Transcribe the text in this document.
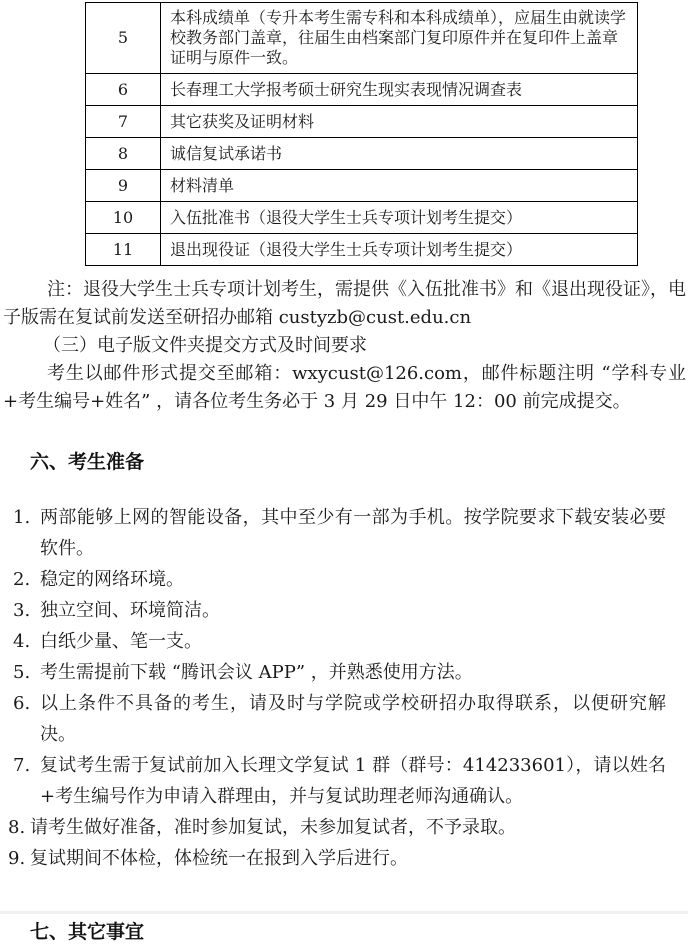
5	本科成绩单（专升本考生需专科和本科成绩单），应届生由就读学校教务部门盖章，往届生由档案部门复印原件并在复印件上盖章证明与原件一致。
6	长春理工大学报考硕士研究生现实表现情况调查表
7	其它获奖及证明材料
8	诚信复试承诺书
9	材料清单
10	入伍批准书（退役大学生士兵专项计划考生提交）
11	退出现役证（退役大学生士兵专项计划考生提交）

注：退役大学生士兵专项计划考生，需提供《入伍批准书》和《退出现役证》，电子版需在复试前发送至研招办邮箱 custyzb@cust.edu.cn

（三）电子版文件夹提交方式及时间要求

考生以邮件形式提交至邮箱：wxycust@126.com，邮件标题注明 “学科专业+考生编号+姓名” ，请各位考生务必于 3 月 29 日中午 12：00 前完成提交。

六、考生准备
1. 两部能够上网的智能设备，其中至少有一部为手机。按学院要求下载安装必要软件。
2. 稳定的网络环境。
3. 独立空间、环境简洁。
4. 白纸少量、笔一支。
5. 考生需提前下载 “腾讯会议 APP” ，并熟悉使用方法。
6. 以上条件不具备的考生，请及时与学院或学校研招办取得联系，以便研究解决。
7. 复试考生需于复试前加入长理文学复试 1 群（群号：414233601），请以姓名+考生编号作为申请入群理由，并与复试助理老师沟通确认。
8. 请考生做好准备，准时参加复试，未参加复试者，不予录取。
9. 复试期间不体检，体检统一在报到入学后进行。
七、其它事宜
